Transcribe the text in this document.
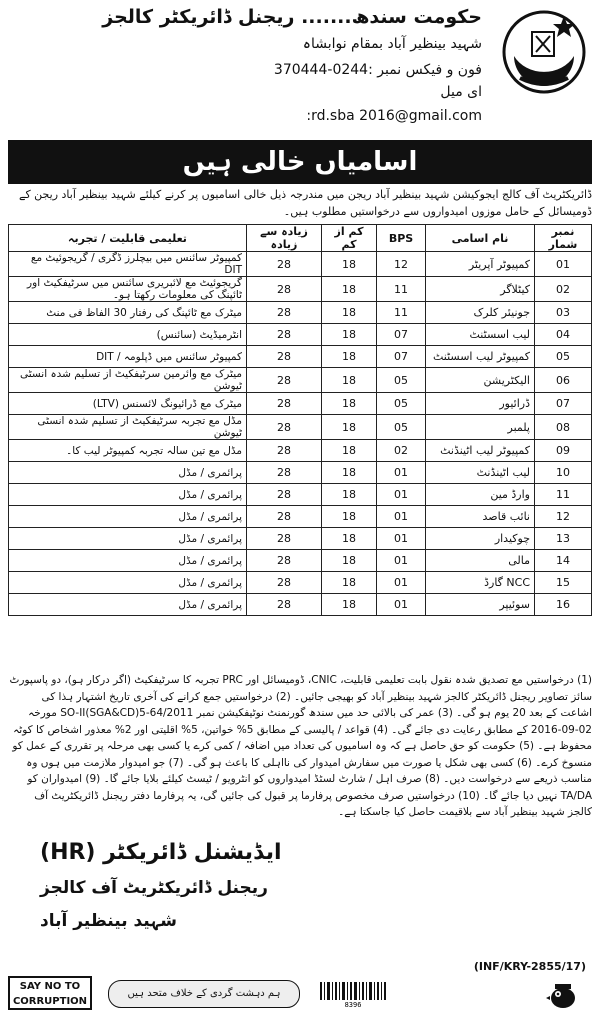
حکومت سندھ....... ریجنل ڈائریکٹر کالجز
شہید بینظیر آباد بمقام نوابشاہ
فون و فیکس نمبر :0244-370444
ای میل
rd.sba 2016@gmail.com:
اسامیاں خالی ہیں
ڈائریکٹریٹ آف کالج ایجوکیشن شہید بینظیر آباد ریجن میں مندرجہ ذیل خالی اسامیوں پر کرنے کیلئے شہید بینظیر آباد ریجن کے ڈومیسائل کے حامل موزوں امیدواروں سے درخواستیں مطلوب ہیں۔
نمبر شمار	نام اسامی	BPS	کم از کم	زیادہ سے زیادہ	تعلیمی قابلیت / تجربہ
01	کمپیوٹر آپریٹر	12	18	28	کمپیوٹر سائنس میں بیچلرز ڈگری / گریجوئیٹ مع DIT
02	کیٹلاگر	11	18	28	گریجوئیٹ مع لائبریری سائنس میں سرٹیفکیٹ اور ٹائپنگ کی معلومات رکھتا ہو۔
03	جونیئر کلرک	11	18	28	میٹرک مع ٹائپنگ کی رفتار 30 الفاظ فی منٹ
04	لیب اسسٹنٹ	07	18	28	انٹرمیڈیٹ (سائنس)
05	کمپیوٹر لیب اسسٹنٹ	07	18	28	کمپیوٹر سائنس میں ڈپلومہ / DIT
06	الیکٹریشن	05	18	28	میٹرک مع وائرمین سرٹیفکیٹ از تسلیم شدہ انسٹی ٹیوشن
07	ڈرائیور	05	18	28	میٹرک مع ڈرائیونگ لائسنس (LTV)
08	پلمبر	05	18	28	مڈل مع تجربہ سرٹیفکیٹ از تسلیم شدہ انسٹی ٹیوشن
09	کمپیوٹر لیب اٹینڈنٹ	02	18	28	مڈل مع تین سالہ تجربہ کمپیوٹر لیب کا۔
10	لیب اٹینڈنٹ	01	18	28	پرائمری / مڈل
11	وارڈ مین	01	18	28	پرائمری / مڈل
12	نائب قاصد	01	18	28	پرائمری / مڈل
13	چوکیدار	01	18	28	پرائمری / مڈل
14	مالی	01	18	28	پرائمری / مڈل
15	NCC گارڈ	01	18	28	پرائمری / مڈل
16	سوئیپر	01	18	28	پرائمری / مڈل
(1) درخواستیں مع تصدیق شدہ نقول بابت تعلیمی قابلیت، CNIC، ڈومیسائل اور PRC تجربہ کا سرٹیفکیٹ (اگر درکار ہو)، دو پاسپورٹ سائز تصاویر ریجنل ڈائریکٹر کالجز شہید بینظیر آباد کو بھیجی جائیں۔ (2) درخواستیں جمع کرانے کی آخری تاریخ اشتہار ہذا کی اشاعت کے بعد 20 یوم ہو گی۔ (3) عمر کی بالائی حد میں سندھ گورنمنٹ نوٹیفکیشن نمبر SO-II(SGA&CD)5-64/2011 مورخہ 02-09-2016 کے مطابق رعایت دی جائے گی۔ (4) قواعد / پالیسی کے مطابق 5% خواتین، 5% اقلیتی اور 2% معذور اشخاص کا کوٹہ محفوظ ہے۔ (5) حکومت کو حق حاصل ہے کہ وہ اسامیوں کی تعداد میں اضافہ / کمی کرے یا کسی بھی مرحلہ پر تقرری کے عمل کو منسوخ کرے۔ (6) کسی بھی شکل یا صورت میں سفارش امیدوار کی نااہلی کا باعث ہو گی۔ (7) جو امیدوار ملازمت میں ہوں وہ مناسب ذریعے سے درخواست دیں۔ (8) صرف اہل / شارٹ لسٹڈ امیدواروں کو انٹرویو / ٹیسٹ کیلئے بلایا جائے گا۔ (9) امیدواران کو TA/DA نہیں دیا جائے گا۔ (10) درخواستیں صرف مخصوص پرفارما پر قبول کی جائیں گی، یہ پرفارما دفتر ریجنل ڈائریکٹریٹ آف کالجز شہید بینظیر آباد سے بلاقیمت حاصل کیا جاسکتا ہے۔
ایڈیشنل ڈائریکٹر (HR)
ریجنل ڈائریکٹریٹ آف کالجز
شہید بینظیر آباد
(INF/KRY-2855/17)
SAY NO TO
CORRUPTION
ہم دہشت گردی کے خلاف متحد ہیں
8396
